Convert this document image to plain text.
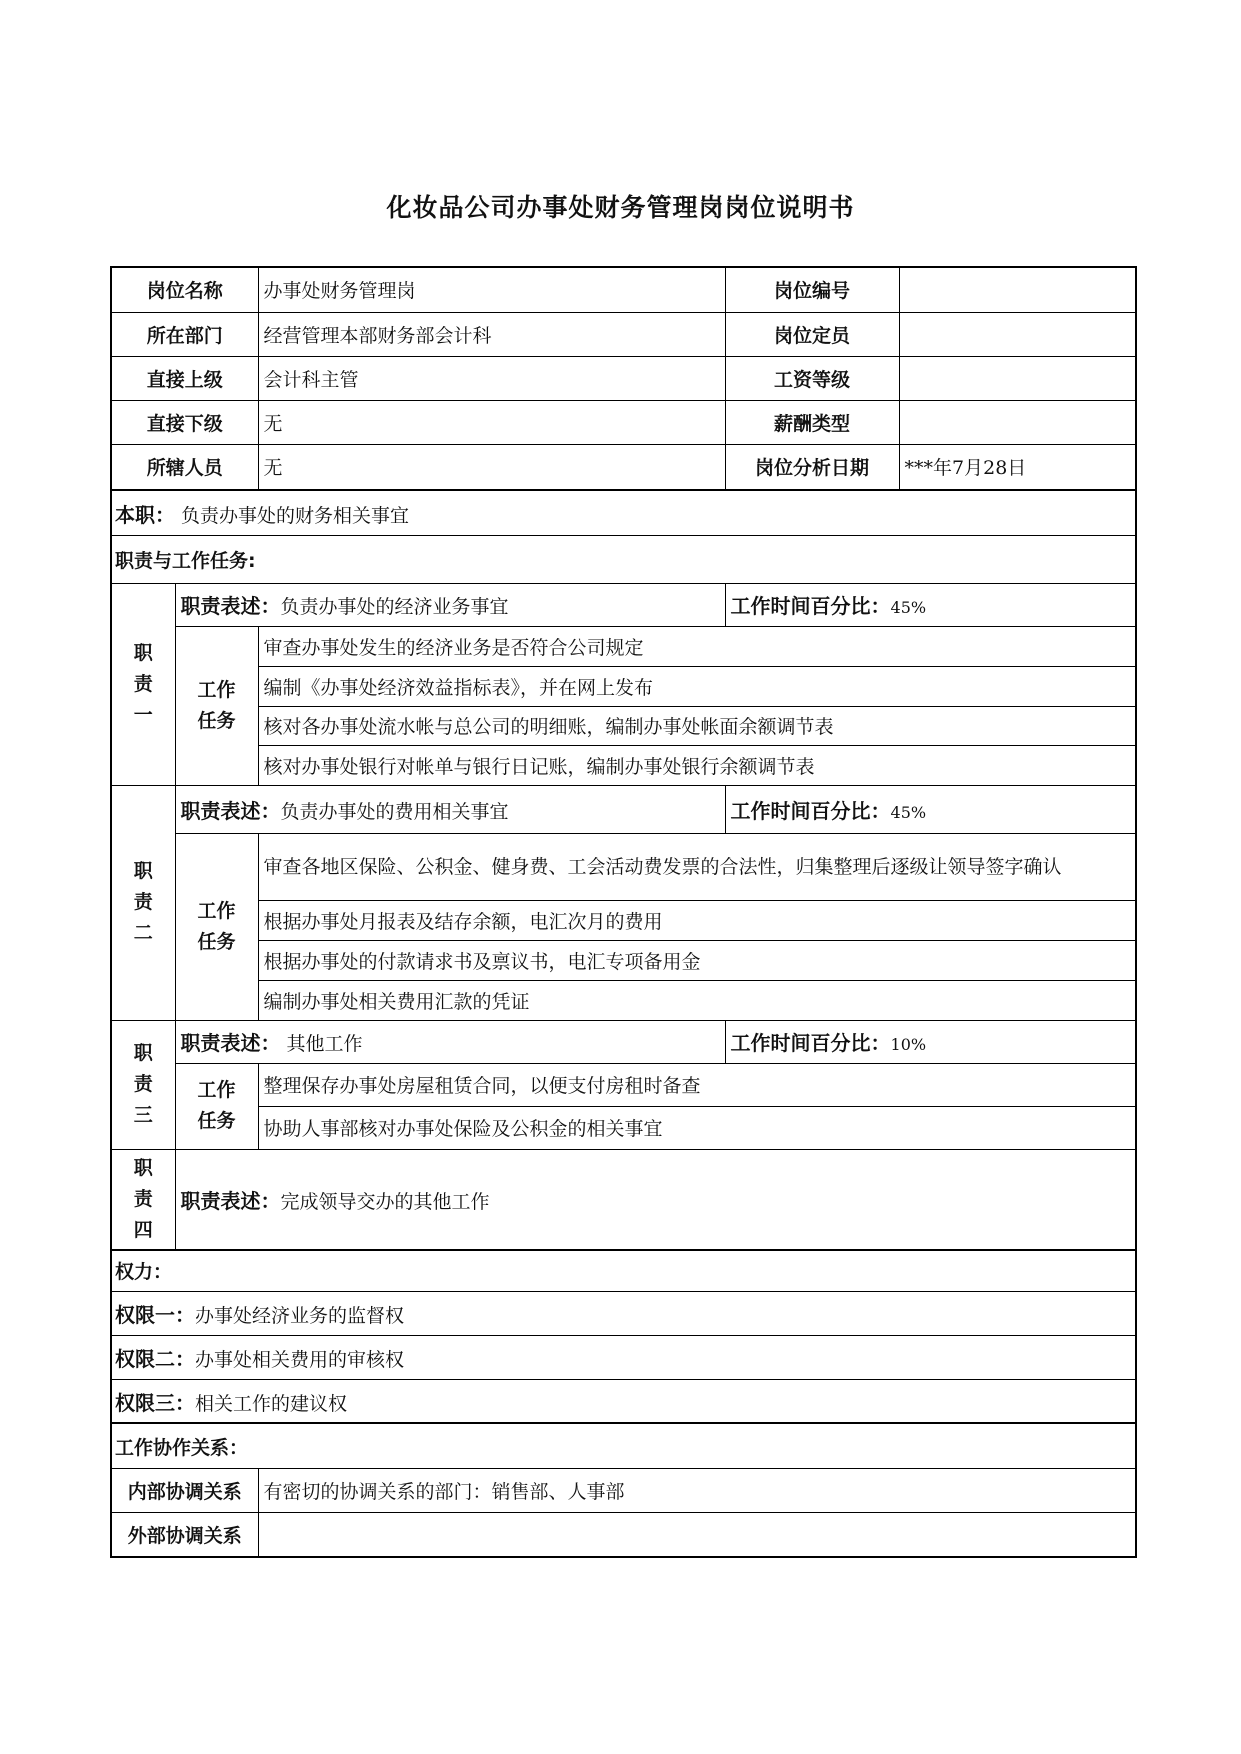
化妆品公司办事处财务管理岗岗位说明书
岗位名称		办事处财务管理岗	岗位编号	
所在部门		经营管理本部财务部会计科	岗位定员	
直接上级		会计科主管	工资等级	
直接下级		无	薪酬类型	
所辖人员		无	岗位分析日期	***年7月28日
本职： 负责办事处的财务相关事宜				
职责与工作任务:				

职
责
一	职责表述：负责办事处的经济业务事宜		工作时间百分比：45%	

	工作
任务	审查办事处发生的经济业务是否符合公司规定		
		编制《办事处经济效益指标表》，并在网上发布		
		核对各办事处流水帐与总公司的明细账，编制办事处帐面余额调节表		
		核对办事处银行对帐单与银行日记账，编制办事处银行余额调节表		

职
责
二	职责表述：负责办事处的费用相关事宜		工作时间百分比：45%	

	工作
任务	审查各地区保险、公积金、健身费、工会活动费发票的合法性，归集整理后逐级让领导签字确认		
		根据办事处月报表及结存余额，电汇次月的费用		
		根据办事处的付款请求书及禀议书，电汇专项备用金		
		编制办事处相关费用汇款的凭证		

职
责
三	职责表述： 其他工作		工作时间百分比：10%	

	工作
任务	整理保存办事处房屋租赁合同，以便支付房租时备查		
		协助人事部核对办事处保险及公积金的相关事宜		

职
责
四	职责表述：完成领导交办的其他工作			
权力：				
权限一：办事处经济业务的监督权				
权限二：办事处相关费用的审核权				
权限三：相关工作的建议权				
工作协作关系：				
内部协调关系		有密切的协调关系的部门：销售部、人事部		
外部协调关系				
